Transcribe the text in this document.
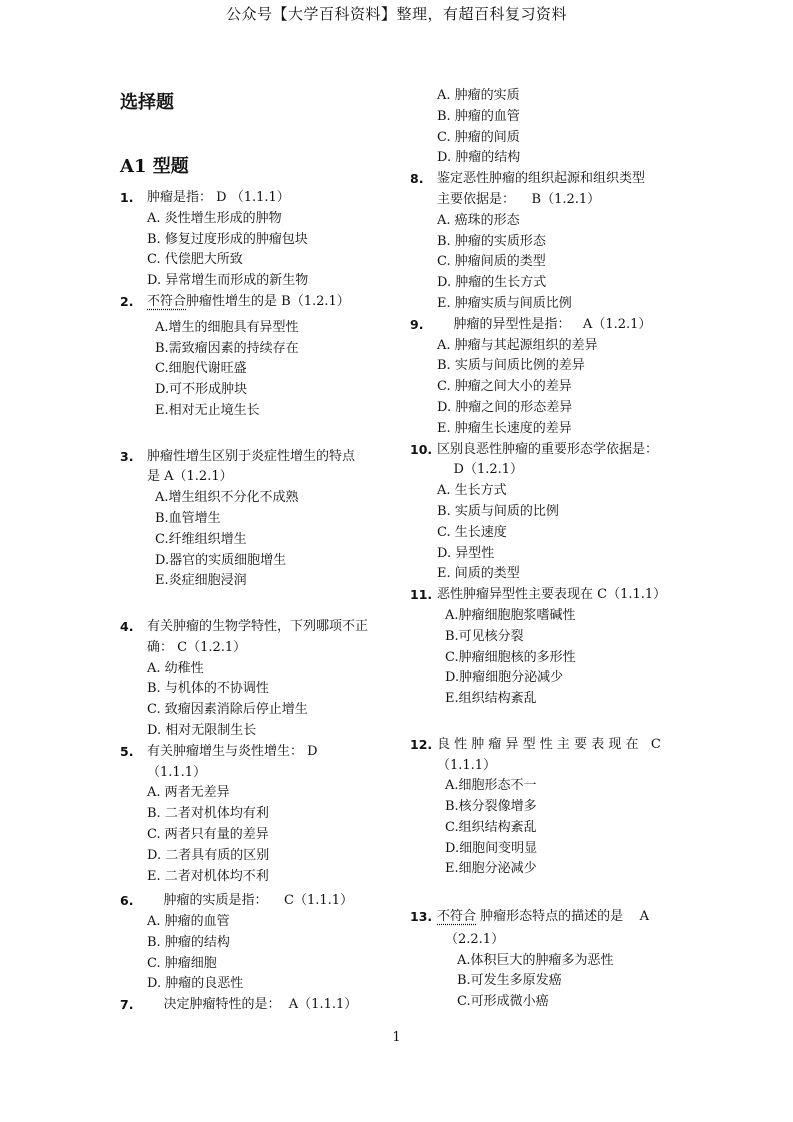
公众号【大学百科资料】整理，有超百科复习资料
选择题
A1 型题
1. 肿瘤是指： D （1.1.1）
A. 炎性增生形成的肿物
B. 修复过度形成的肿瘤包块
C. 代偿肥大所致
D. 异常增生而形成的新生物
2. 不符合肿瘤性增生的是 B（1.2.1）
A.增生的细胞具有异型性
B.需致瘤因素的持续存在
C.细胞代谢旺盛
D.可不形成肿块
E.相对无止境生长
3. 肿瘤性增生区别于炎症性增生的特点
是 A（1.2.1）
A.增生组织不分化不成熟
B.血管增生
C.纤维组织增生
D.器官的实质细胞增生
E.炎症细胞浸润
4. 有关肿瘤的生物学特性，下列哪项不正
确： C（1.2.1）
A. 幼稚性
B. 与机体的不协调性
C. 致瘤因素消除后停止增生
D. 相对无限制生长
5. 有关肿瘤增生与炎性增生： D
（1.1.1）
A. 两者无差异
B. 二者对机体均有利
C. 两者只有量的差异
D. 二者具有质的区别
E. 二者对机体均不利
6. 肿瘤的实质是指：    C（1.1.1）
A. 肿瘤的血管
B. 肿瘤的结构
C. 肿瘤细胞
D. 肿瘤的良恶性
7. 决定肿瘤特性的是：  A（1.1.1）
A. 肿瘤的实质
B. 肿瘤的血管
C. 肿瘤的间质
D. 肿瘤的结构
8. 鉴定恶性肿瘤的组织起源和组织类型
主要依据是：    B（1.2.1）
A. 癌珠的形态
B. 肿瘤的实质形态
C. 肿瘤间质的类型
D. 肿瘤的生长方式
E. 肿瘤实质与间质比例
9. 肿瘤的异型性是指：   A（1.2.1）
A. 肿瘤与其起源组织的差异
B. 实质与间质比例的差异
C. 肿瘤之间大小的差异
D. 肿瘤之间的形态差异
E. 肿瘤生长速度的差异
10. 区别良恶性肿瘤的重要形态学依据是：
D（1.2.1）
A. 生长方式
B. 实质与间质的比例
C. 生长速度
D. 异型性
E. 间质的类型
11. 恶性肿瘤异型性主要表现在 C（1.1.1）
A.肿瘤细胞胞浆嗜碱性
B.可见核分裂
C.肿瘤细胞核的多形性
D.肿瘤细胞分泌减少
E.组织结构紊乱
12. 良 性 肿 瘤 异 型 性 主 要 表 现 在   C
（1.1.1）
A.细胞形态不一
B.核分裂像增多
C.组织结构紊乱
D.细胞间变明显
E.细胞分泌减少
13. 不符合 肿瘤形态特点的描述的是    A
（2.2.1）
A.体积巨大的肿瘤多为恶性
B.可发生多原发癌
C.可形成微小癌
1
